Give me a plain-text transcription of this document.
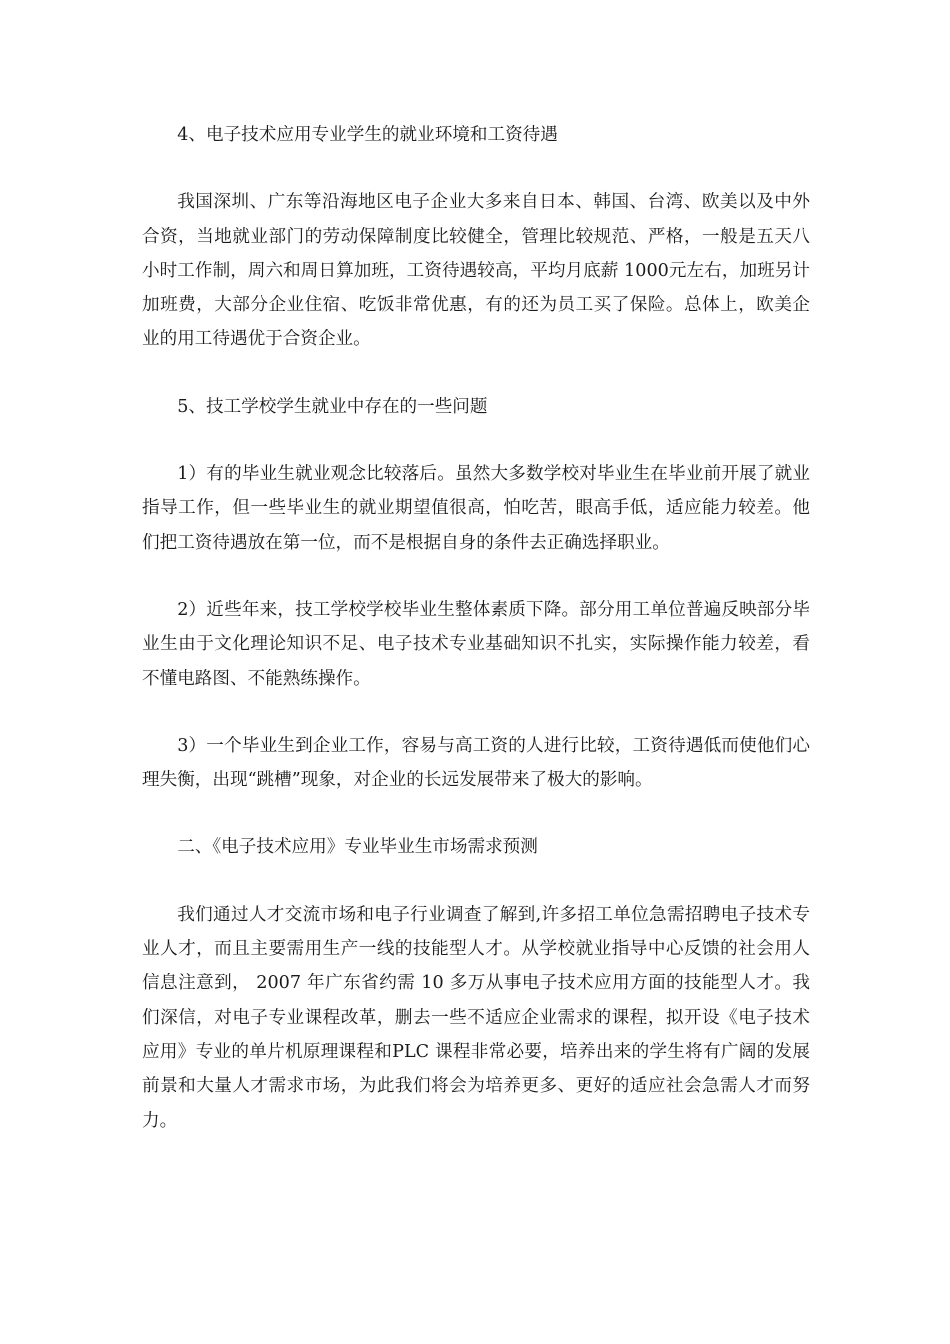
4、电子技术应用专业学生的就业环境和工资待遇

我国深圳、广东等沿海地区电子企业大多来自日本、韩国、台湾、欧美以及中外合资，当地就业部门的劳动保障制度比较健全，管理比较规范、严格，一般是五天八小时工作制，周六和周日算加班，工资待遇较高，平均月底薪 1000元左右，加班另计加班费，大部分企业住宿、吃饭非常优惠，有的还为员工买了保险。总体上，欧美企业的用工待遇优于合资企业。

5、技工学校学生就业中存在的一些问题

1）有的毕业生就业观念比较落后。虽然大多数学校对毕业生在毕业前开展了就业指导工作，但一些毕业生的就业期望值很高，怕吃苦，眼高手低，适应能力较差。他们把工资待遇放在第一位，而不是根据自身的条件去正确选择职业。

2）近些年来，技工学校学校毕业生整体素质下降。部分用工单位普遍反映部分毕业生由于文化理论知识不足、电子技术专业基础知识不扎实，实际操作能力较差，看不懂电路图、不能熟练操作。

3）一个毕业生到企业工作，容易与高工资的人进行比较，工资待遇低而使他们心理失衡，出现“跳槽”现象，对企业的长远发展带来了极大的影响。

二、《电子技术应用》专业毕业生市场需求预测

我们通过人才交流市场和电子行业调查了解到,许多招工单位急需招聘电子技术专业人才，而且主要需用生产一线的技能型人才。从学校就业指导中心反馈的社会用人信息注意到， 2007 年广东省约需 10 多万从事电子技术应用方面的技能型人才。我们深信，对电子专业课程改革，删去一些不适应企业需求的课程，拟开设《电子技术应用》专业的单片机原理课程和PLC 课程非常必要，培养出来的学生将有广阔的发展前景和大量人才需求市场，为此我们将会为培养更多、更好的适应社会急需人才而努力。
